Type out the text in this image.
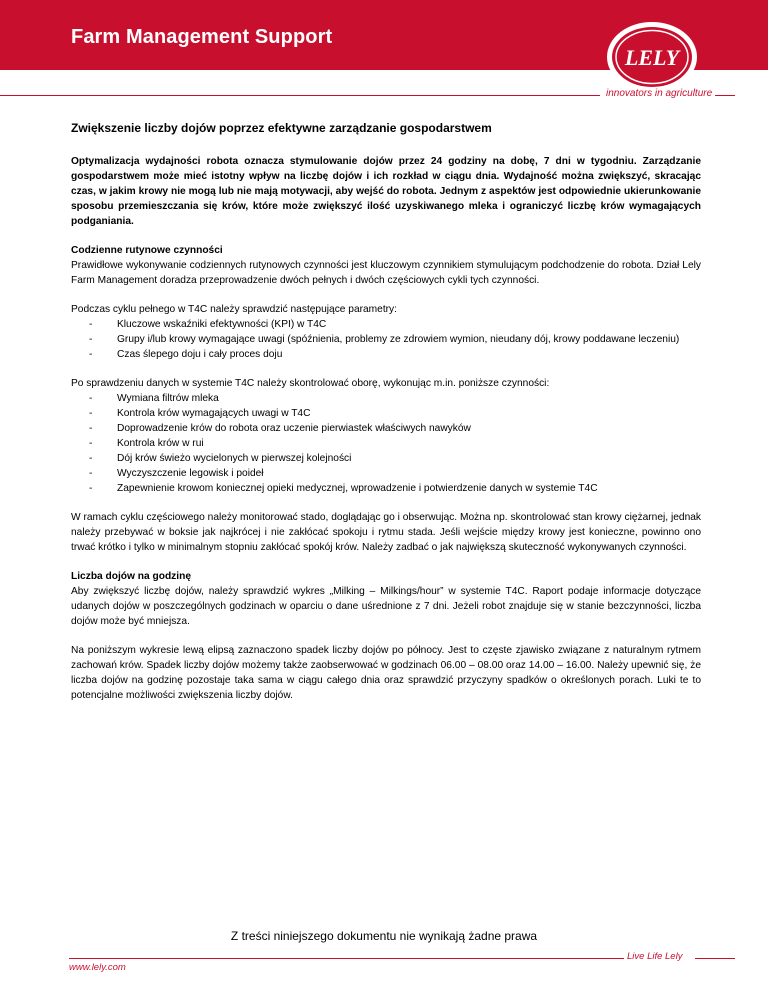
Farm Management Support
LELY
innovators in agriculture
Zwiększenie liczby dojów poprzez efektywne zarządzanie gospodarstwem

Optymalizacja wydajności robota oznacza stymulowanie dojów przez 24 godziny na dobę, 7 dni w tygodniu. Zarządzanie gospodarstwem może mieć istotny wpływ na liczbę dojów i ich rozkład w ciągu dnia. Wydajność można zwiększyć, skracając czas, w jakim krowy nie mogą lub nie mają motywacji, aby wejść do robota. Jednym z aspektów jest odpowiednie ukierunkowanie sposobu przemieszczania się krów, które może zwiększyć ilość uzyskiwanego mleka i ograniczyć liczbę krów wymagających podganiania.

Codzienne rutynowe czynności
Prawidłowe wykonywanie codziennych rutynowych czynności jest kluczowym czynnikiem stymulującym podchodzenie do robota. Dział Lely Farm Management doradza przeprowadzenie dwóch pełnych i dwóch częściowych cykli tych czynności.

Podczas cyklu pełnego w T4C należy sprawdzić następujące parametry:

- Kluczowe wskaźniki efektywności (KPI) w T4C
- Grupy i/lub krowy wymagające uwagi (spóźnienia, problemy ze zdrowiem wymion, nieudany dój, krowy poddawane leczeniu)
- Czas ślepego doju i cały proces doju

Po sprawdzeniu danych w systemie T4C należy skontrolować oborę, wykonując m.in. poniższe czynności:

- Wymiana filtrów mleka
- Kontrola krów wymagających uwagi w T4C
- Doprowadzenie krów do robota oraz uczenie pierwiastek właściwych nawyków
- Kontrola krów w rui
- Dój krów świeżo wycielonych w pierwszej kolejności
- Wyczyszczenie legowisk i poideł
- Zapewnienie krowom koniecznej opieki medycznej, wprowadzenie i potwierdzenie danych w systemie T4C

W ramach cyklu częściowego należy monitorować stado, doglądając go i obserwując. Można np. skontrolować stan krowy ciężarnej, jednak należy przebywać w boksie jak najkrócej i nie zakłócać spokoju i rytmu stada. Jeśli wejście między krowy jest konieczne, powinno ono trwać krótko i tylko w minimalnym stopniu zakłócać spokój krów. Należy zadbać o jak największą skuteczność wykonywanych czynności.

Liczba dojów na godzinę
Aby zwiększyć liczbę dojów, należy sprawdzić wykres „Milking – Milkings/hour” w systemie T4C. Raport podaje informacje dotyczące udanych dojów w poszczególnych godzinach w oparciu o dane uśrednione z 7 dni. Jeżeli robot znajduje się w stanie bezczynności, liczba dojów może być mniejsza.

Na poniższym wykresie lewą elipsą zaznaczono spadek liczby dojów po północy. Jest to częste zjawisko związane z naturalnym rytmem zachowań krów. Spadek liczby dojów możemy także zaobserwować w godzinach 06.00 – 08.00 oraz 14.00 – 16.00. Należy upewnić się, że liczba dojów na godzinę pozostaje taka sama w ciągu całego dnia oraz sprawdzić przyczyny spadków o określonych porach. Luki te to potencjalne możliwości zwiększenia liczby dojów.

Z treści niniejszego dokumentu nie wynikają żadne prawa
www.lely.com
Live Life Lely
